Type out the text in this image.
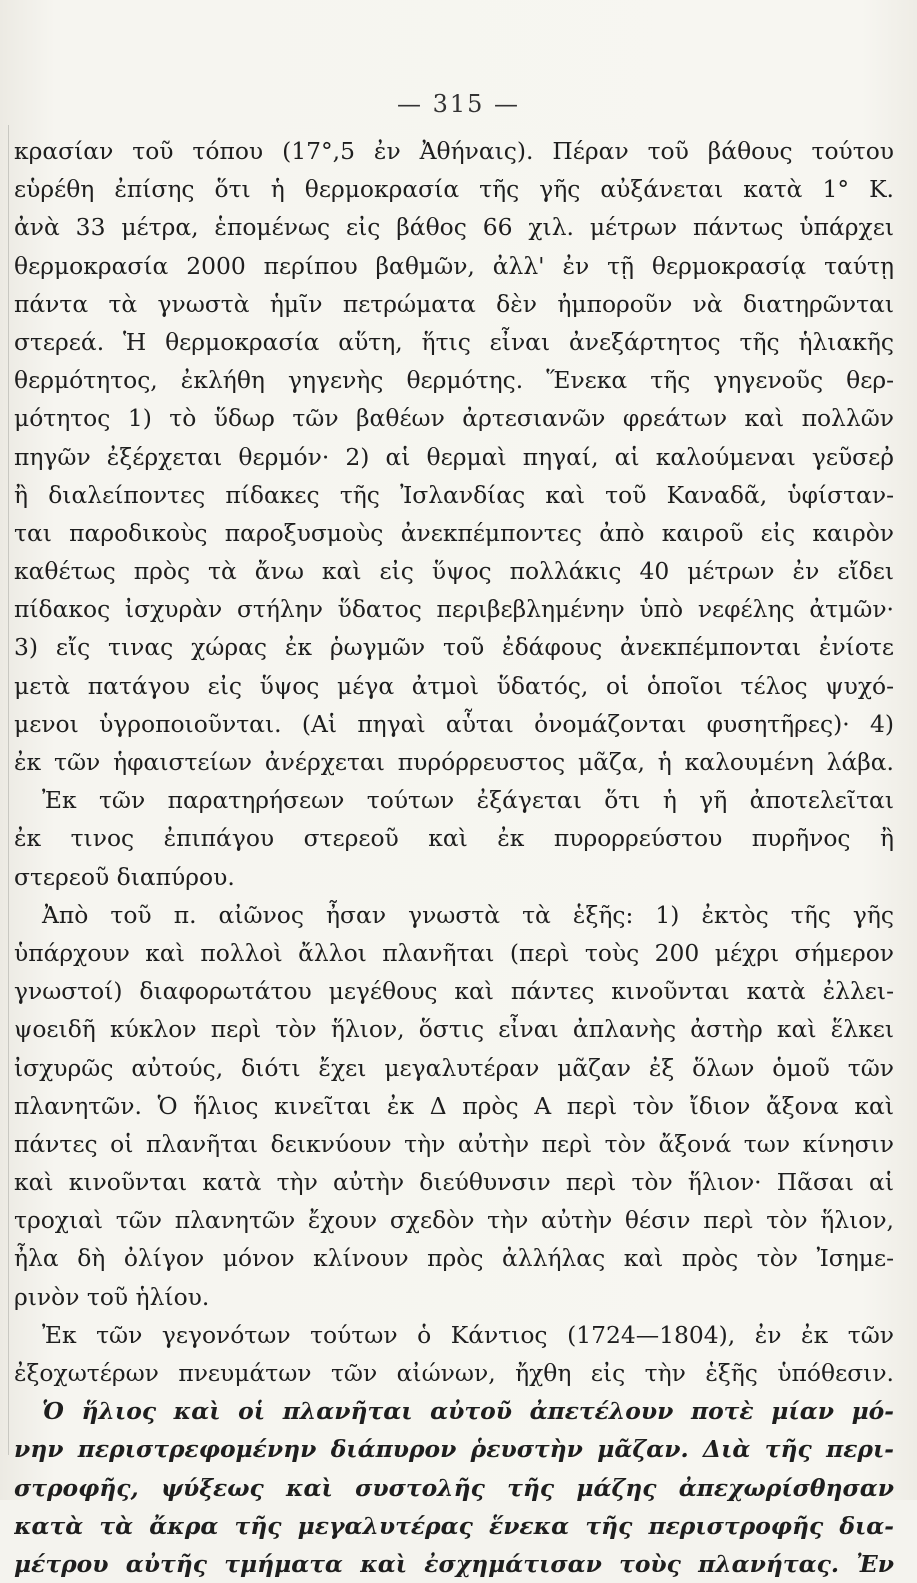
— 315 —
κρασίαν τοῦ τόπου (17°,5 ἐν Ἀθήναις). Πέραν τοῦ βάθους τούτου
εὑρέθη ἐπίσης ὅτι ἡ θερμοκρασία τῆς γῆς αὐξάνεται κατὰ 1° Κ.
ἀνὰ 33 μέτρα, ἑπομένως εἰς βάθος 66 χιλ. μέτρων πάντως ὑπάρχει
θερμοκρασία 2000 περίπου βαθμῶν, ἀλλ' ἐν τῇ θερμοκρασίᾳ ταύτῃ
πάντα τὰ γνωστὰ ἡμῖν πετρώματα δὲν ἠμποροῦν νὰ διατηρῶνται
στερεά. Ἡ θερμοκρασία αὕτη, ἥτις εἶναι ἀνεξάρτητος τῆς ἡλιακῆς
θερμότητος, ἐκλήθη γηγενὴς θερμότης. Ἕνεκα τῆς γηγενοῦς θερ-
μότητος 1) τὸ ὕδωρ τῶν βαθέων ἀρτεσιανῶν φρεάτων καὶ πολλῶν
πηγῶν ἐξέρχεται θερμόν· 2) αἱ θερμαὶ πηγαί, αἱ καλούμεναι γεῦσεῤ
ἢ διαλείποντες πίδακες τῆς Ἰσλανδίας καὶ τοῦ Καναδᾶ, ὑφίσταν-
ται παροδικοὺς παροξυσμοὺς ἀνεκπέμποντες ἀπὸ καιροῦ εἰς καιρὸν
καθέτως πρὸς τὰ ἄνω καὶ εἰς ὕψος πολλάκις 40 μέτρων ἐν εἴδει
πίδακος ἰσχυρὰν στήλην ὕδατος περιβεβλημένην ὑπὸ νεφέλης ἀτμῶν·
3) εἴς τινας χώρας ἐκ ῥωγμῶν τοῦ ἐδάφους ἀνεκπέμπονται ἐνίοτε
μετὰ πατάγου εἰς ὕψος μέγα ἀτμοὶ ὕδατός, οἱ ὁποῖοι τέλος ψυχό-
μενοι ὑγροποιοῦνται. (Αἱ πηγαὶ αὗται ὀνομάζονται φυσητῆρες)· 4)
ἐκ τῶν ἡφαιστείων ἀνέρχεται πυρόρρευστος μᾶζα, ἡ καλουμένη λάβα.
Ἐκ τῶν παρατηρήσεων τούτων ἐξάγεται ὅτι ἡ γῆ ἀποτελεῖται
ἐκ τινος ἐπιπάγου στερεοῦ καὶ ἐκ πυρορρεύστου πυρῆνος ἢ
στερεοῦ διαπύρου.
Ἀπὸ τοῦ π. αἰῶνος ἦσαν γνωστὰ τὰ ἑξῆς: 1) ἐκτὸς τῆς γῆς
ὑπάρχουν καὶ πολλοὶ ἄλλοι πλανῆται (περὶ τοὺς 200 μέχρι σήμερον
γνωστοί) διαφορωτάτου μεγέθους καὶ πάντες κινοῦνται κατὰ ἐλλει-
ψοειδῆ κύκλον περὶ τὸν ἥλιον, ὅστις εἶναι ἀπλανὴς ἀστὴρ καὶ ἕλκει
ἰσχυρῶς αὐτούς, διότι ἔχει μεγαλυτέραν μᾶζαν ἐξ ὅλων ὁμοῦ τῶν
πλανητῶν. Ὁ ἥλιος κινεῖται ἐκ Δ πρὸς Α περὶ τὸν ἴδιον ἄξονα καὶ
πάντες οἱ πλανῆται δεικνύουν τὴν αὐτὴν περὶ τὸν ἄξονά των κίνησιν
καὶ κινοῦνται κατὰ τὴν αὐτὴν διεύθυνσιν περὶ τὸν ἥλιον· Πᾶσαι αἱ
τροχιαὶ τῶν πλανητῶν ἔχουν σχεδὸν τὴν αὐτὴν θέσιν περὶ τὸν ἥλιον,
ἦλα δὴ ὀλίγον μόνον κλίνουν πρὸς ἀλλήλας καὶ πρὸς τὸν Ἰσημε-
ρινὸν τοῦ ἡλίου.
Ἐκ τῶν γεγονότων τούτων ὁ Κάντιος (1724—1804), ἐν ἐκ τῶν
ἐξοχωτέρων πνευμάτων τῶν αἰώνων, ἤχθη εἰς τὴν ἑξῆς ὑπόθεσιν.
Ὁ ἥλιος καὶ οἱ πλανῆται αὐτοῦ ἀπετέλουν ποτὲ μίαν μό-
νην περιστρεφομένην διάπυρον ῥευστὴν μᾶζαν. Διὰ τῆς περι-
στροφῆς, ψύξεως καὶ συστολῆς τῆς μάζης ἀπεχωρίσθησαν
κατὰ τὰ ἄκρα τῆς μεγαλυτέρας ἕνεκα τῆς περιστροφῆς δια-
μέτρου αὐτῆς τμήματα καὶ ἐσχημάτισαν τοὺς πλανήτας. Ἐν
